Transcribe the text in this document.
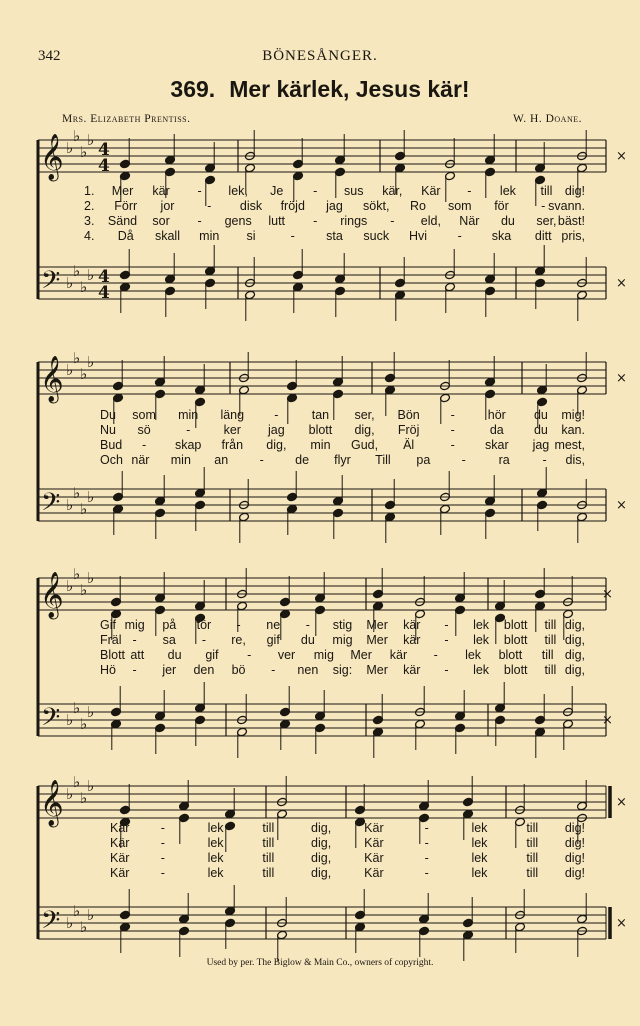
342	BÖNESÅNGER.
369. Mer kärlek, Jesus kär!
Mrs. Elizabeth Prentiss.	W. H. Doane.
𝄞
𝄢
♭
♭
♭
♭
♭
♭
♭
♭
4
4
4
4
×
×
1. Mer kär - lek, Je - sus kär, Kär - lek till dig!
2. Förr jor	- disk fröjd jag sökt, Ro som för	- svann.
3. Sänd sor - gens lutt - rings - eld, När du ser, bäst!
4. Då skall min si	-	sta suck Hvi - ska ditt pris,
𝄞
𝄢
♭
♭
♭
♭
♭
♭
♭
♭
×
×
Du som min läng -	tan ser, Bön -	hör du mig!
Nu sö	-	ker jag blott dig, Fröj -	da du kan.
Bud - skap från dig, min Gud, Äl	- skar jag mest,
Och när min an	-	de flyr Till pa	-	ra	- dis,
𝄞
𝄢
♭
♭
♭
♭
♭
♭
♭
♭
×
×
Gif mig på tör - ne - stig Mer kär - lek blott till dig,
Fräl - sa - re, gif du mig Mer kär - lek blott till dig,
Blott att du gif - ver mig Mer kär - lek blott till dig,
Hö - jer den bö - nen sig: Mer kär - lek blott till dig,
𝄞
𝄢
♭
♭
♭
♭
♭
♭
♭
♭
×
×
Kär -	lek	till	dig,	Kär	-	lek	till dig!
Kär -	lek	till	dig,	Kär	-	lek	till dig!
Kär -	lek	till	dig,	Kär	-	lek	till dig!
Kär -	lek	till	dig,	Kär	-	lek	till dig!
Used by per. The Biglow & Main Co., owners of copyright.
